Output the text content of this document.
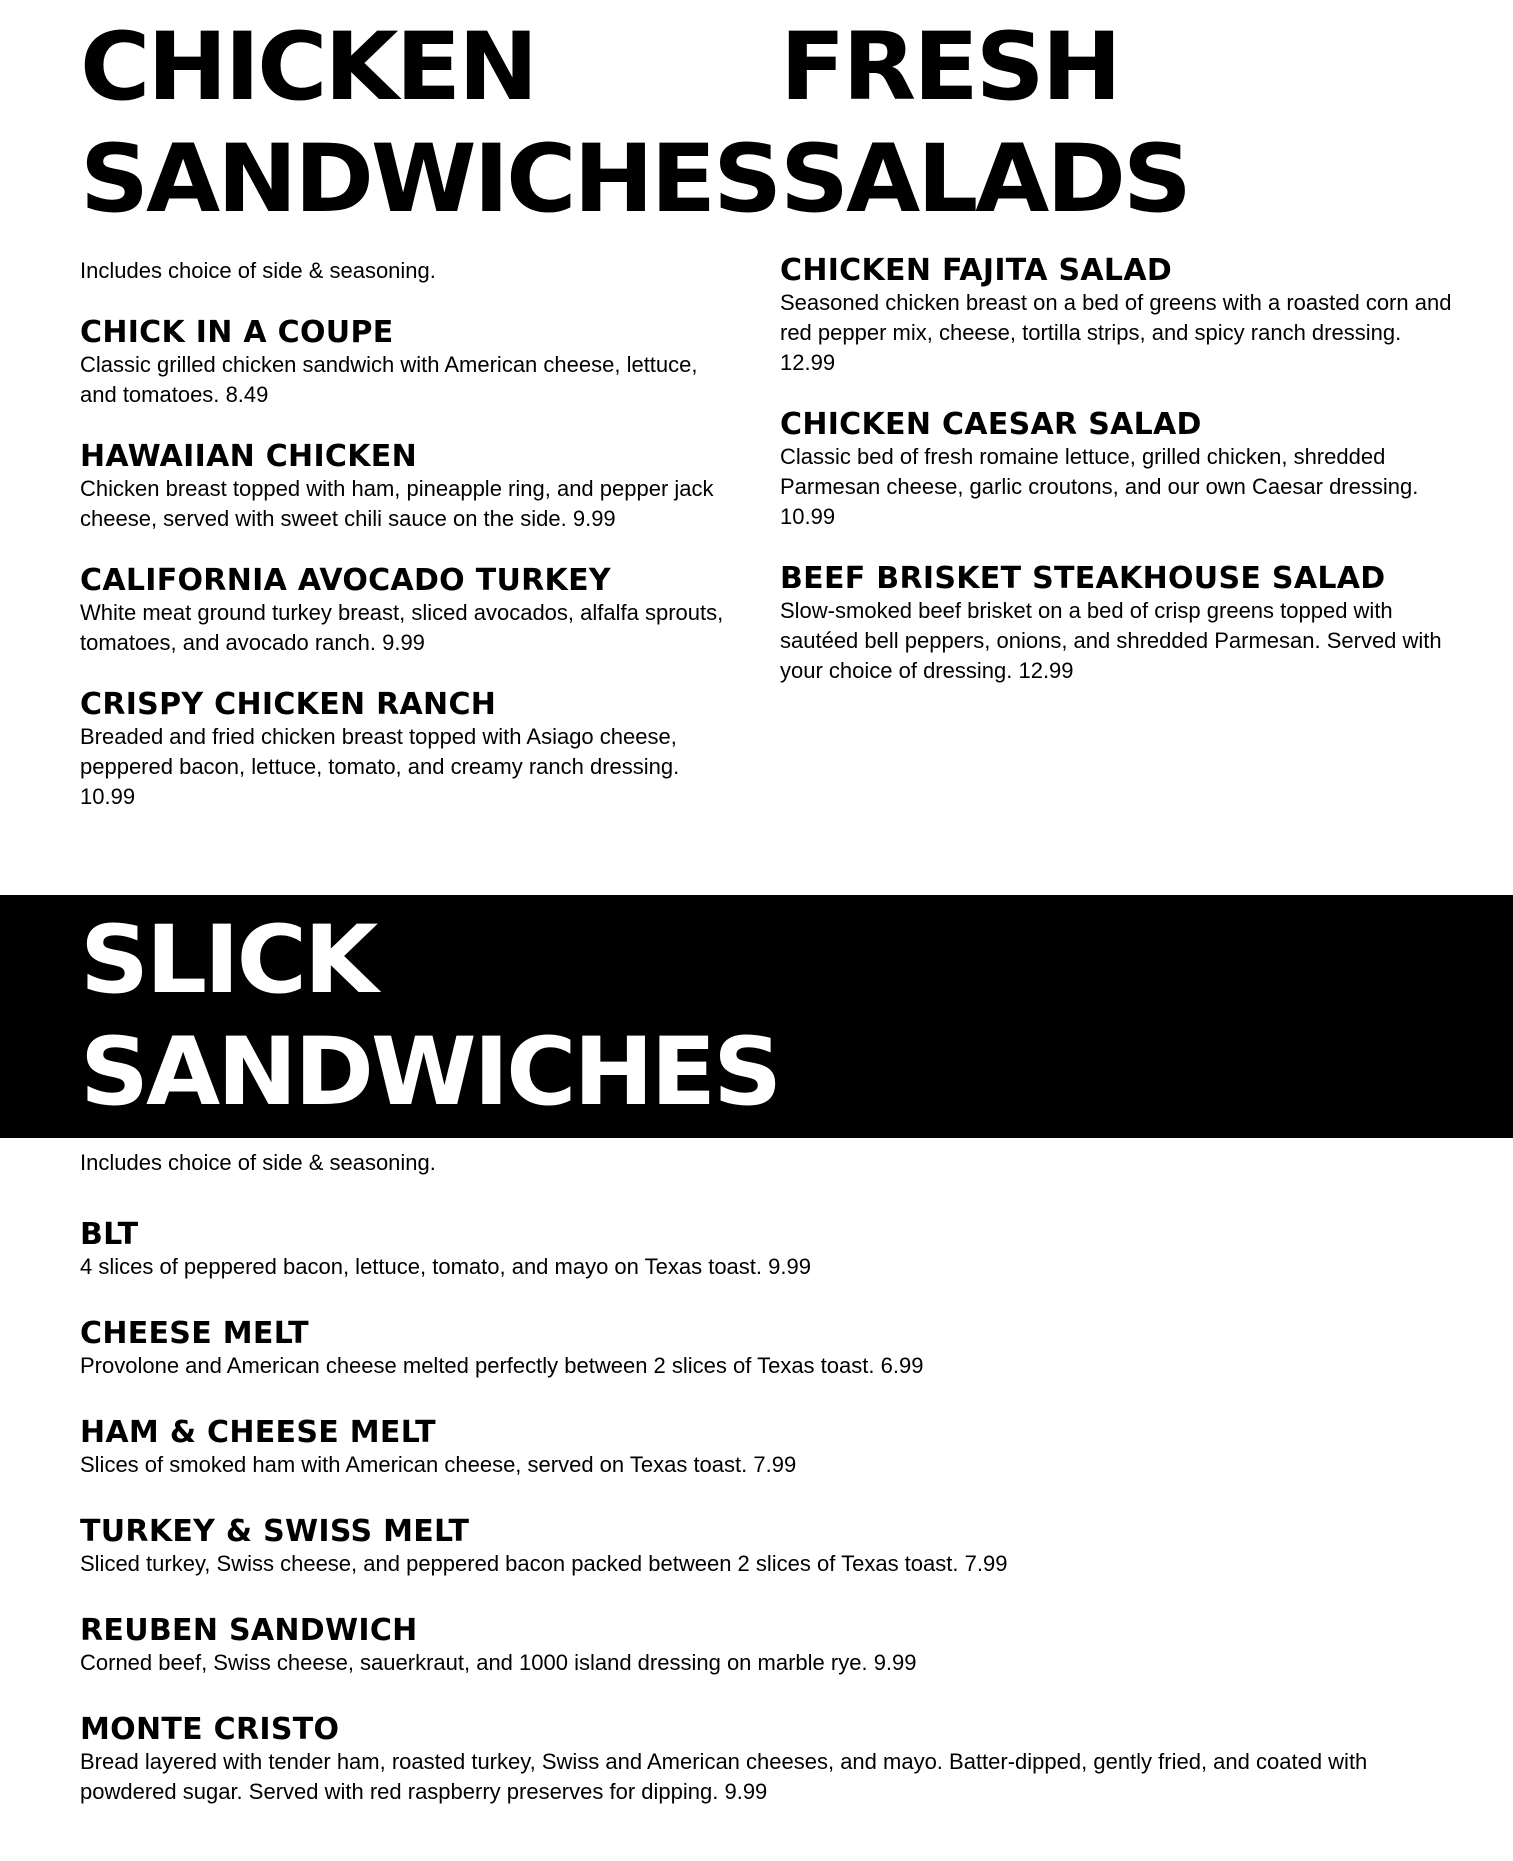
CHICKEN
SANDWICHES

Includes choice of side & seasoning.

CHICK IN A COUPE

Classic grilled chicken sandwich with American cheese, lettuce, and tomatoes. 8.49

HAWAIIAN CHICKEN

Chicken breast topped with ham, pineapple ring, and pepper jack cheese, served with sweet chili sauce on the side. 9.99

CALIFORNIA AVOCADO TURKEY

White meat ground turkey breast, sliced avocados, alfalfa sprouts, tomatoes, and avocado ranch. 9.99

CRISPY CHICKEN RANCH

Breaded and fried chicken breast topped with Asiago cheese, peppered bacon, lettuce, tomato, and creamy ranch dressing. 10.99

FRESH
SALADS
CHICKEN FAJITA SALAD

Seasoned chicken breast on a bed of greens with a roasted corn and red pepper mix, cheese, tortilla strips, and spicy ranch dressing. 12.99

CHICKEN CAESAR SALAD

Classic bed of fresh romaine lettuce, grilled chicken, shredded Parmesan cheese, garlic croutons, and our own Caesar dressing. 10.99

BEEF BRISKET STEAKHOUSE SALAD

Slow-smoked beef brisket on a bed of crisp greens topped with sautéed bell peppers, onions, and shredded Parmesan. Served with your choice of dressing. 12.99

SLICK
SANDWICHES

Includes choice of side & seasoning.

BLT

4 slices of peppered bacon, lettuce, tomato, and mayo on Texas toast. 9.99

CHEESE MELT

Provolone and American cheese melted perfectly between 2 slices of Texas toast. 6.99

HAM & CHEESE MELT

Slices of smoked ham with American cheese, served on Texas toast. 7.99

TURKEY & SWISS MELT

Sliced turkey, Swiss cheese, and peppered bacon packed between 2 slices of Texas toast. 7.99

REUBEN SANDWICH

Corned beef, Swiss cheese, sauerkraut, and 1000 island dressing on marble rye. 9.99

MONTE CRISTO

Bread layered with tender ham, roasted turkey, Swiss and American cheeses, and mayo. Batter-dipped, gently fried, and coated with powdered sugar. Served with red raspberry preserves for dipping. 9.99
